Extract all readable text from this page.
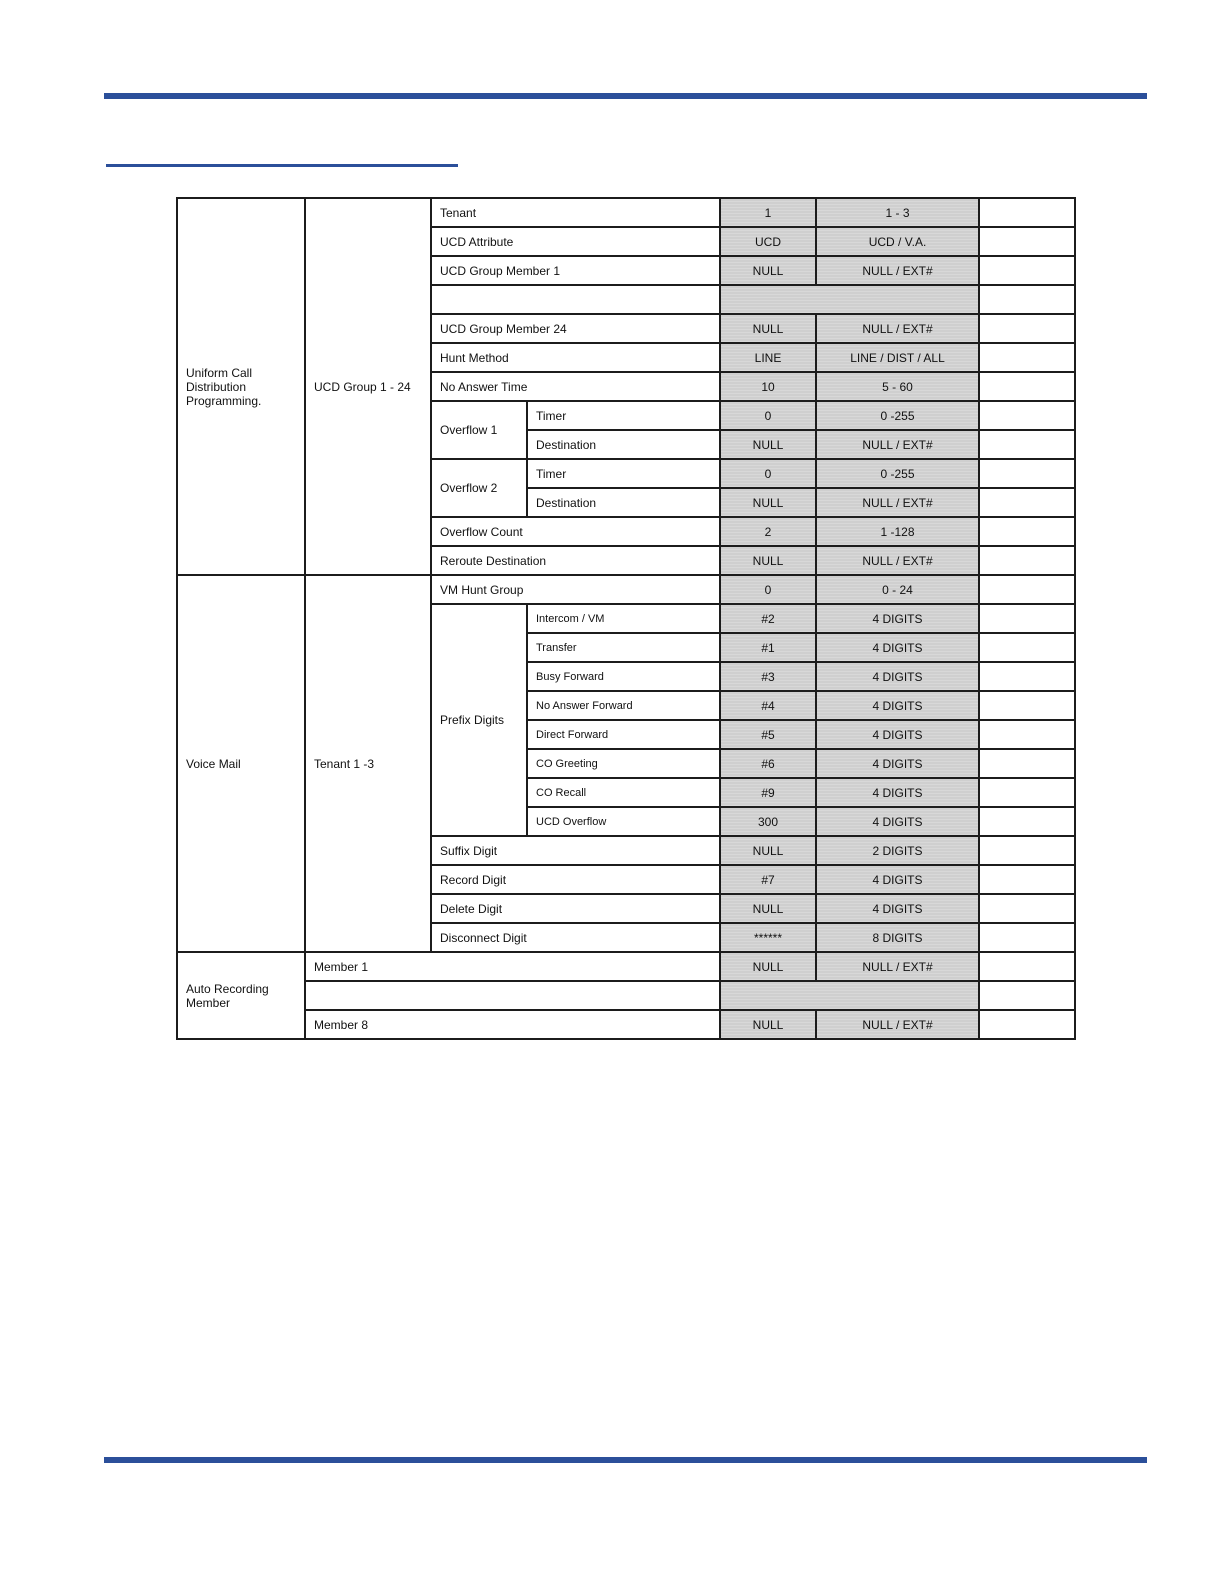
Uniform Call Distribution Programming.	UCD Group 1 - 24	Tenant		1	1 - 3	
		UCD Attribute		UCD	UCD / V.A.	
		UCD Group Member 1		NULL	NULL / EXT#	

		UCD Group Member 24		NULL	NULL / EXT#	
		Hunt Method		LINE	LINE / DIST / ALL	
		No Answer Time		10	5 - 60	
		Overflow 1	Timer	0	0 -255	
			Destination	NULL	NULL / EXT#	
		Overflow 2	Timer	0	0 -255	
			Destination	NULL	NULL / EXT#	
		Overflow Count		2	1 -128	
		Reroute Destination		NULL	NULL / EXT#	
Voice Mail	Tenant 1 -3	VM Hunt Group		0	0 - 24	
		Prefix Digits	Intercom / VM	#2	4 DIGITS	
			Transfer	#1	4 DIGITS	
			Busy Forward	#3	4 DIGITS	
			No Answer Forward	#4	4 DIGITS	
			Direct Forward	#5	4 DIGITS	
			CO Greeting	#6	4 DIGITS	
			CO Recall	#9	4 DIGITS	
			UCD Overflow	300	4 DIGITS	
		Suffix Digit		NULL	2 DIGITS	
		Record Digit		#7	4 DIGITS	
		Delete Digit		NULL	4 DIGITS	
		Disconnect Digit		******	8 DIGITS	
Auto Recording Member	Member 1			NULL	NULL / EXT#	

	Member 8			NULL	NULL / EXT#	
